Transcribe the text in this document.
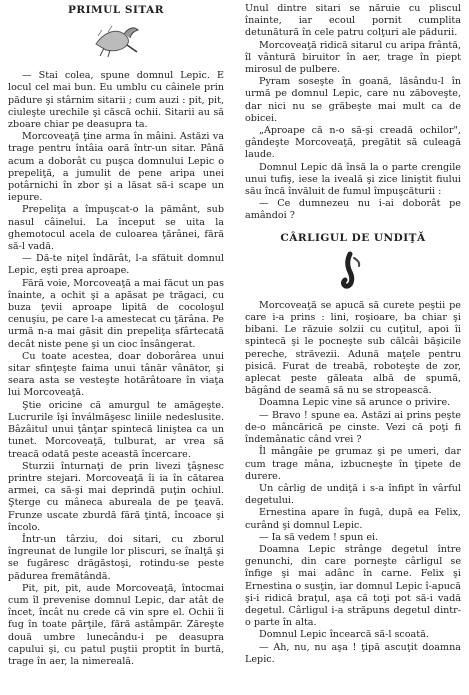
PRIMUL SITAR

— Stai colea, spune domnul Lepic. E locul cel mai bun. Eu umblu cu câinele prin pădure şi stârnim sitarii ; cum auzi : pit, pit, ciuleşte urechile şi căscă ochii. Sitarii au să zboare chiar pe deasupra ta.

Morcoveaţă ţine arma în mâini. Astăzi va trage pentru întâia oară într-un sitar. Până acum a doborât cu puşca domnului Lepic o prepeliţă, a jumulit de pene aripa unei potârnichi în zbor şi a lăsat să-i scape un iepure.

Prepeliţa a împuşcat-o la pământ, sub nasul câinelui. La început se uita la ghemotocul acela de culoarea ţărânei, fără să-l vadă.

— Dă-te niţel îndărât, l-a sfătuit domnul Lepic, eşti prea aproape.

Fără voie, Morcoveaţă a mai făcut un pas înainte, a ochit şi a apăsat pe trăgaci, cu buza ţevii aproape lipită de cocoloşul cenuşiu, pe care l-a amestecat cu ţărâna. Pe urmă n-a mai găsit din prepeliţa sfârtecată decât niste pene şi un cioc însângerat.

Cu toate acestea, doar doborârea unui sitar sfinţeşte faima unui tânăr vânător, şi seara asta se vesteşte hotărâtoare în viaţa lui Morcoveaţă.

Ştie oricine că amurgul te amăgeşte. Lucrurile îşi înválmăşesc liniile nedeslusite. Bâzâitul unui ţânţar spintecă liniştea ca un tunet. Morcoveaţă, tulburat, ar vrea să treacă odată peste această încercare.

Sturzii înturnaţi de prin livezi ţâşnesc printre stejari. Morcoveaţă îi ia în cătarea armei, ca să-şi mai deprindă puţin ochiul. Şterge cu mâneca aburealа de pe ţeavă. Frunze uscate zburdă fără ţintă, încoace şi încolo.

Într-un târziu, doi sitari, cu zborul îngreunat de lungile lor pliscuri, se înalţă şi se fugăresc drăgăstoşi, rotindu-se peste pădurea fremătândă.

Pit, pit, pit, aude Morcoveaţă, întocmai cum îl prevenise domnul Lepic, dar atât de încet, încât nu crede că vin spre el. Ochii îi fug în toate părţile, fără astâmpăr. Zăreşte două umbre lunecându-i pe deasupra capului şi, cu patul puştii proptit în burtă, trage în aer, la nimereală.

Unul dintre sitari se năruie cu pliscul înainte, iar ecoul pornit cumplita detunătură în cele patru colţuri ale pădurii.

Morcoveaţă ridică sitarul cu aripa frântă, îl vântură biruitor în aer, trage în piept mirosul de pulbere.

Pyram soseşte în goană, lăsându-l în urmă pe domnul Lepic, care nu zăboveşte, dar nici nu se grăbeşte mai mult ca de obicei.

„Aproape că n-o să-şi creadă ochilor", gândeşte Morcoveaţă, pregătit să culeagă laude.

Domnul Lepic dă însă la o parte crengile unui tufiş, iese la iveală şi zice liniştit fiului său încă învăluit de fumul împuşcăturii :

— Ce dumnezeu nu i-ai doborât pe amândoi ?

CÂRLIGUL DE UNDIŢĂ

Morcoveaţă se apucă să curete peştii pe care i-a prins : lini, roşioare, ba chiar şi bibani. Le răzuie solzii cu cuţitul, apoi îi spintecă şi le pocneşte sub călcâi băşicile pereche, străvezii. Adună maţele pentru pisică. Furat de treabă, roboteşte de zor, aplecat peste găleata albă de spumă, băgând de seamă să nu se stropească.

Doamna Lepic vine să arunce o privire.

— Bravo ! spune ea. Astăzi ai prins peşte de-o mâncărică pe cinste. Vezi că poţi fi îndemânatic când vrei ?

Îl mângâie pe grumaz şi pe umeri, dar cum trage mâna, izbucneşte în ţipete de durere.

Un cârlig de undiţă i s-a înfipt în vârful degetului.

Ernestina apare în fugă, după ea Felix, curând şi domnul Lepic.

— Ia să vedem ! spun ei.

Doamna Lepic strânge degetul între genunchi, din care porneşte cârligul se înfige şi mai adânc în carne. Felix şi Ernestina o susţin, iar domnul Lepic î-apucă şi-i ridică braţul, aşa că toţi pot să-i vadă degetul. Cârligul i-a străpuns degetul dintr-o parte în alta.

Domnul Lepic încearcă să-l scoată.

— Ah, nu, nu aşa ! ţipă ascuţit doamna Lepic.
